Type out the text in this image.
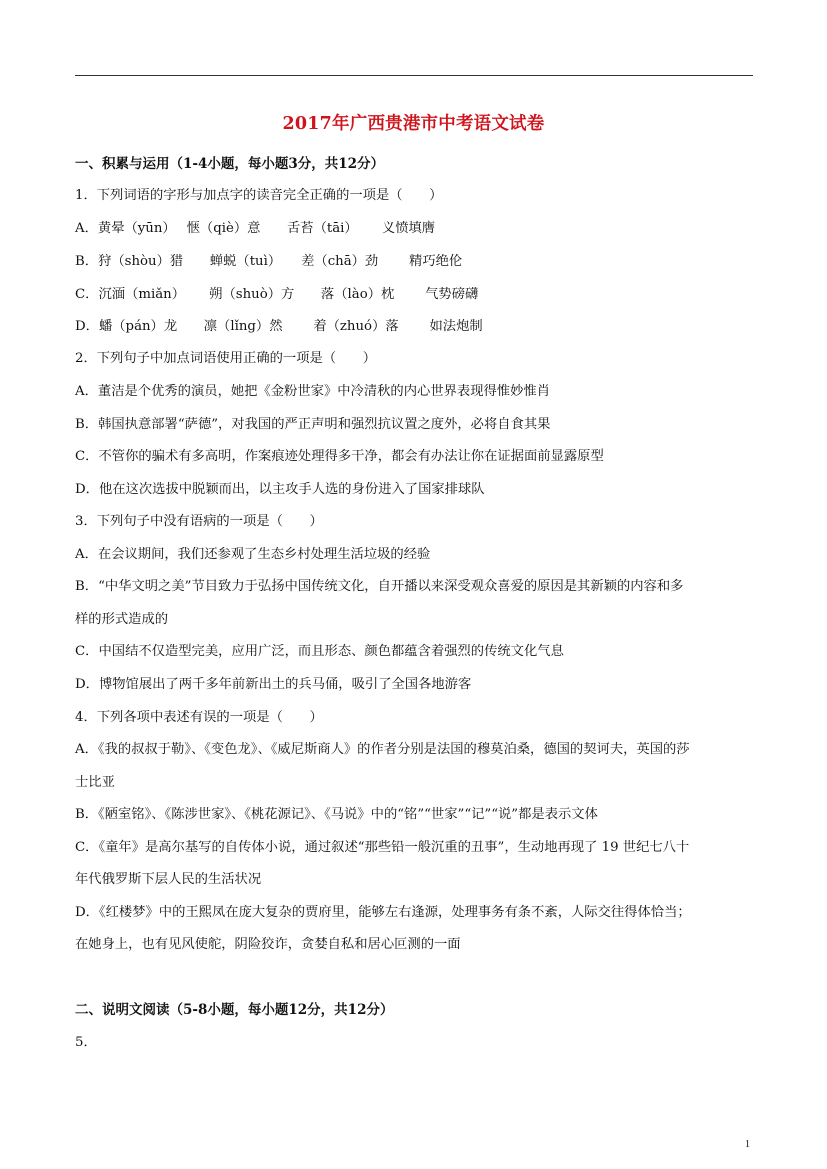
2017年广西贵港市中考语文试卷
一、积累与运用（1-4小题，每小题3分，共12分）
1．下列词语的字形与加点字的读音完全正确的一项是（　　）
A．黄晕（yūn）　 惬（qiè）意　　舌苔（tāi）　　 义愤填膺
B．狩（shòu）猎　　蝉蜕（tuì）　　差（chā）劲　　 精巧绝伦
C．沉湎（miǎn）　　 朔（shuò）方　　落（lào）枕　　 气势磅礴
D．蟠（pán）龙　　凛（lǐng）然　　 着（zhuó）落　　 如法炮制
2．下列句子中加点词语使用正确的一项是（　　）
A．董洁是个优秀的演员，她把《金粉世家》中冷清秋的内心世界表现得惟妙惟肖
B．韩国执意部署“萨德”，对我国的严正声明和强烈抗议置之度外，必将自食其果
C．不管你的骗术有多高明，作案痕迹处理得多干净，都会有办法让你在证据面前显露原型
D．他在这次选拔中脱颖而出，以主攻手人选的身份进入了国家排球队
3．下列句子中没有语病的一项是（　　）
A．在会议期间，我们还参观了生态乡村处理生活垃圾的经验
B．“中华文明之美”节目致力于弘扬中国传统文化，自开播以来深受观众喜爱的原因是其新颖的内容和多
样的形式造成的
C．中国结不仅造型完美，应用广泛，而且形态、颜色都蕴含着强烈的传统文化气息
D．博物馆展出了两千多年前新出土的兵马俑，吸引了全国各地游客
4．下列各项中表述有误的一项是（　　）
A．《我的叔叔于勒》、《变色龙》、《威尼斯商人》的作者分别是法国的穆莫泊桑，德国的契诃夫，英国的莎
士比亚
B．《陋室铭》、《陈涉世家》、《桃花源记》、《马说》中的“铭”“世家”“记”“说”都是表示文体
C．《童年》是高尔基写的自传体小说，通过叙述“那些铅一般沉重的丑事”，生动地再现了 19 世纪七八十
年代俄罗斯下层人民的生活状况
D．《红楼梦》中的王熙凤在庞大复杂的贾府里，能够左右逢源，处理事务有条不紊，人际交往得体恰当；
在她身上，也有见风使舵，阴险狡诈，贪婪自私和居心叵测的一面
二、说明文阅读（5-8小题，每小题12分，共12分）
5．
1
